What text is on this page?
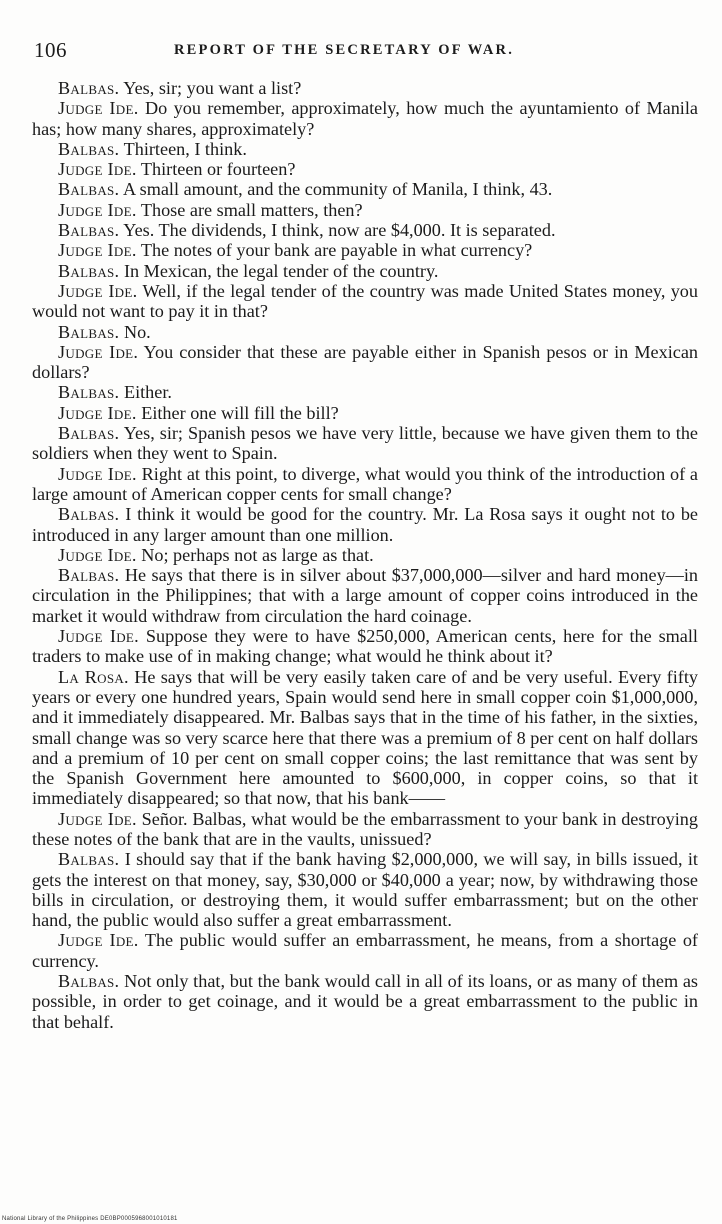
106	REPORT OF THE SECRETARY OF WAR.

Balbas. Yes, sir; you want a list?

Judge Ide. Do you remember, approximately, how much the ayuntamiento of Manila has; how many shares, approximately?

Balbas. Thirteen, I think.

Judge Ide. Thirteen or fourteen?

Balbas. A small amount, and the community of Manila, I think, 43.

Judge Ide. Those are small matters, then?

Balbas. Yes. The dividends, I think, now are $4,000. It is separated.

Judge Ide. The notes of your bank are payable in what currency?

Balbas. In Mexican, the legal tender of the country.

Judge Ide. Well, if the legal tender of the country was made United States money, you would not want to pay it in that?

Balbas. No.

Judge Ide. You consider that these are payable either in Spanish pesos or in Mexican dollars?

Balbas. Either.

Judge Ide. Either one will fill the bill?

Balbas. Yes, sir; Spanish pesos we have very little, because we have given them to the soldiers when they went to Spain.

Judge Ide. Right at this point, to diverge, what would you think of the introduction of a large amount of American copper cents for small change?

Balbas. I think it would be good for the country. Mr. La Rosa says it ought not to be introduced in any larger amount than one million.

Judge Ide. No; perhaps not as large as that.

Balbas. He says that there is in silver about $37,000,000—silver and hard money—in circulation in the Philippines; that with a large amount of copper coins introduced in the market it would withdraw from circulation the hard coinage.

Judge Ide. Suppose they were to have $250,000, American cents, here for the small traders to make use of in making change; what would he think about it?

La Rosa. He says that will be very easily taken care of and be very useful. Every fifty years or every one hundred years, Spain would send here in small copper coin $1,000,000, and it immediately disappeared. Mr. Balbas says that in the time of his father, in the sixties, small change was so very scarce here that there was a premium of 8 per cent on half dollars and a premium of 10 per cent on small copper coins; the last remittance that was sent by the Spanish Government here amounted to $600,000, in copper coins, so that it immediately disappeared; so that now, that his bank——

Judge Ide. Señor. Balbas, what would be the embarrassment to your bank in destroying these notes of the bank that are in the vaults, unissued?

Balbas. I should say that if the bank having $2,000,000, we will say, in bills issued, it gets the interest on that money, say, $30,000 or $40,000 a year; now, by withdrawing those bills in circulation, or destroying them, it would suffer embarrassment; but on the other hand, the public would also suffer a great embarrassment.

Judge Ide. The public would suffer an embarrassment, he means, from a shortage of currency.

Balbas. Not only that, but the bank would call in all of its loans, or as many of them as possible, in order to get coinage, and it would be a great embarrassment to the public in that behalf.

National Library of the Philippines DE0BP0005968001010181
